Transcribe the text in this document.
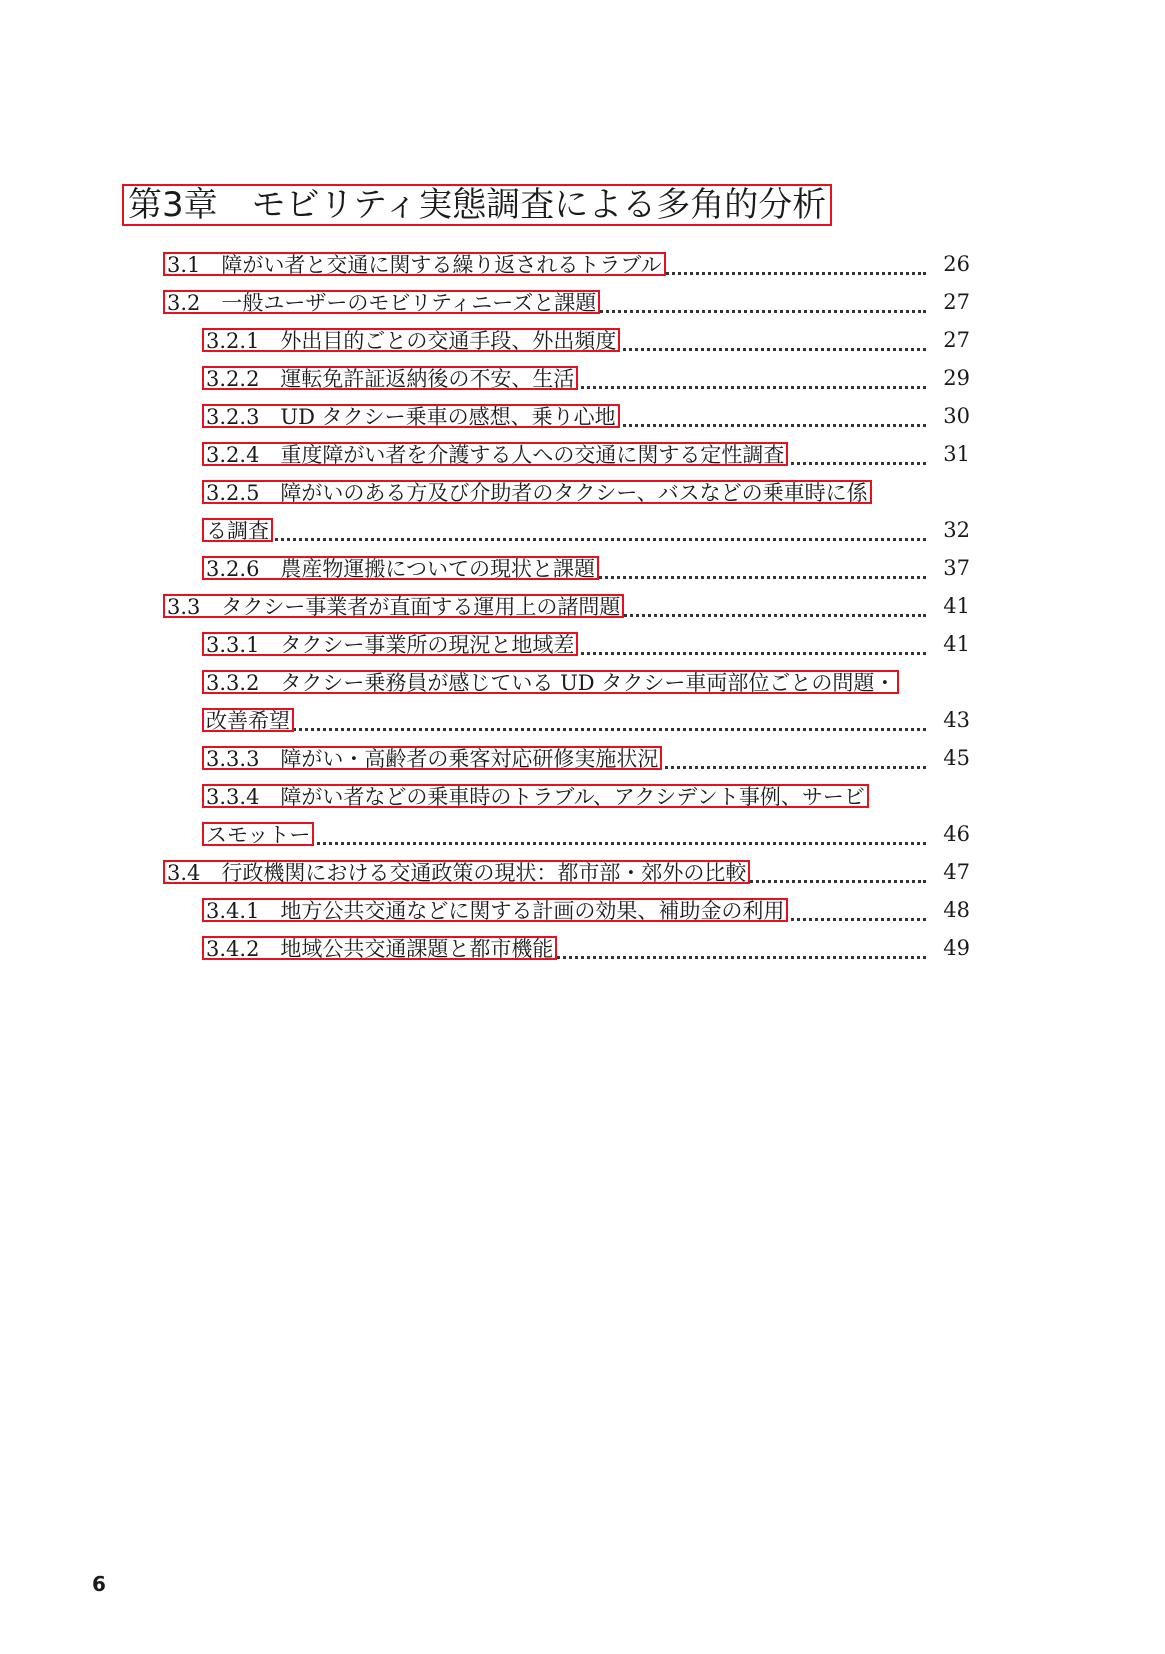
第3章　モビリティ実態調査による多角的分析
3.1　障がい者と交通に関する繰り返されるトラブル	26
3.2　一般ユーザーのモビリティニーズと課題	27
3.2.1　外出目的ごとの交通手段、外出頻度	27
3.2.2　運転免許証返納後の不安、生活	29
3.2.3　UD タクシー乗車の感想、乗り心地	30
3.2.4　重度障がい者を介護する人への交通に関する定性調査	31
3.2.5　障がいのある方及び介助者のタクシー、バスなどの乗車時に係
る調査	32
3.2.6　農産物運搬についての現状と課題	37
3.3　タクシー事業者が直面する運用上の諸問題	41
3.3.1　タクシー事業所の現況と地域差	41
3.3.2　タクシー乗務員が感じている UD タクシー車両部位ごとの問題・
改善希望	43
3.3.3　障がい・高齢者の乗客対応研修実施状況	45
3.3.4　障がい者などの乗車時のトラブル、アクシデント事例、サービ
スモットー	46
3.4　行政機関における交通政策の現状：都市部・郊外の比較	47
3.4.1　地方公共交通などに関する計画の効果、補助金の利用	48
3.4.2　地域公共交通課題と都市機能	49
6
